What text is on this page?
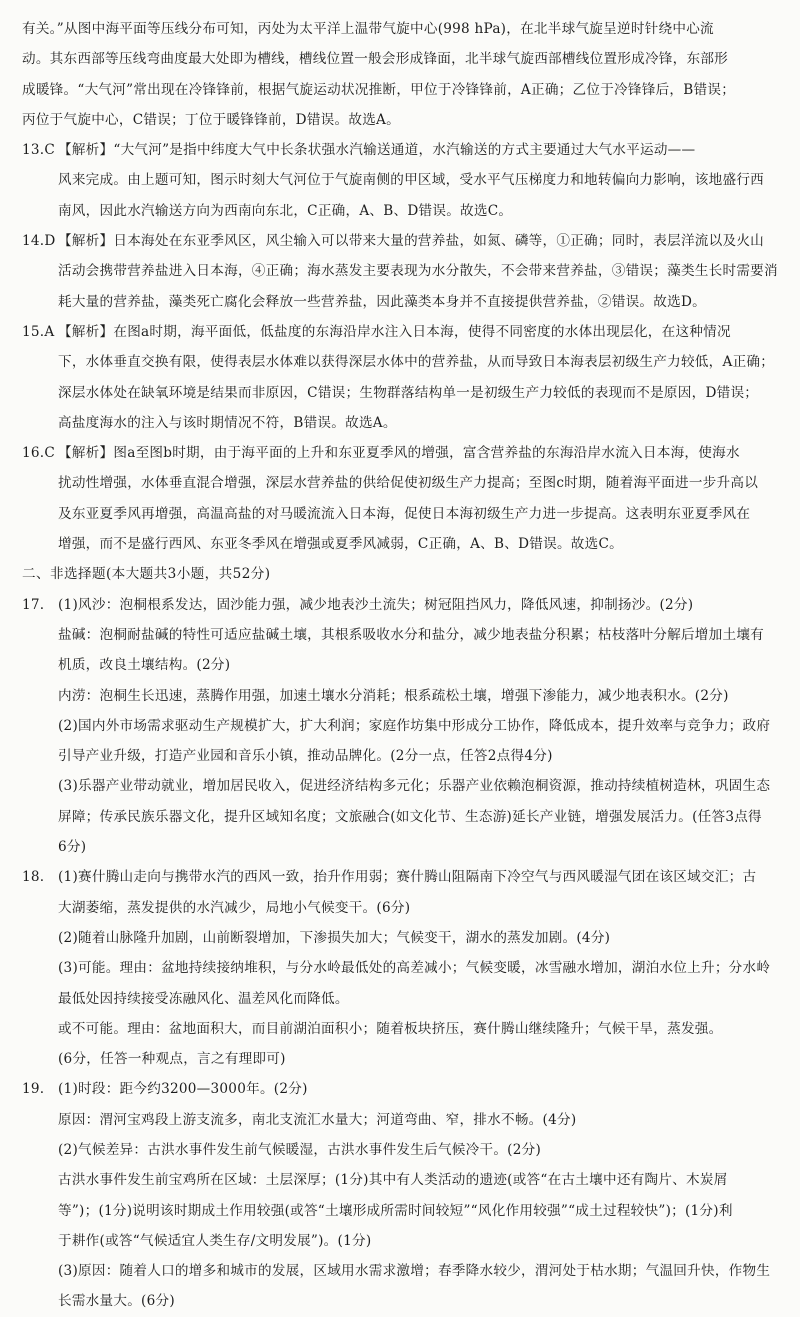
有关。”从图中海平面等压线分布可知，丙处为太平洋上温带气旋中心(998 hPa)，在北半球气旋呈逆时针绕中心流

动。其东西部等压线弯曲度最大处即为槽线，槽线位置一般会形成锋面，北半球气旋西部槽线位置形成冷锋，东部形

成暖锋。“大气河”常出现在冷锋锋前，根据气旋运动状况推断，甲位于冷锋锋前，A正确；乙位于冷锋锋后，B错误；

丙位于气旋中心，C错误；丁位于暖锋锋前，D错误。故选A。

13.C 【解析】“大气河”是指中纬度大气中长条状强水汽输送通道，水汽输送的方式主要通过大气水平运动——

风来完成。由上题可知，图示时刻大气河位于气旋南侧的甲区域，受水平气压梯度力和地转偏向力影响，该地盛行西

南风，因此水汽输送方向为西南向东北，C正确，A、B、D错误。故选C。

14.D 【解析】日本海处在东亚季风区，风尘输入可以带来大量的营养盐，如氮、磷等，①正确；同时，表层洋流以及火山

活动会携带营养盐进入日本海，④正确；海水蒸发主要表现为水分散失，不会带来营养盐，③错误；藻类生长时需要消

耗大量的营养盐，藻类死亡腐化会释放一些营养盐，因此藻类本身并不直接提供营养盐，②错误。故选D。

15.A 【解析】在图a时期，海平面低，低盐度的东海沿岸水注入日本海，使得不同密度的水体出现层化，在这种情况

下，水体垂直交换有限，使得表层水体难以获得深层水体中的营养盐，从而导致日本海表层初级生产力较低，A正确；

深层水体处在缺氧环境是结果而非原因，C错误；生物群落结构单一是初级生产力较低的表现而不是原因，D错误；

高盐度海水的注入与该时期情况不符，B错误。故选A。

16.C 【解析】图a至图b时期，由于海平面的上升和东亚夏季风的增强，富含营养盐的东海沿岸水流入日本海，使海水

扰动性增强，水体垂直混合增强，深层水营养盐的供给促使初级生产力提高；至图c时期，随着海平面进一步升高以

及东亚夏季风再增强，高温高盐的对马暖流流入日本海，促使日本海初级生产力进一步提高。这表明东亚夏季风在

增强，而不是盛行西风、东亚冬季风在增强或夏季风减弱，C正确，A、B、D错误。故选C。

二、非选择题(本大题共3小题，共52分)

17. (1)风沙：泡桐根系发达，固沙能力强，减少地表沙土流失；树冠阻挡风力，降低风速，抑制扬沙。(2分)

盐碱：泡桐耐盐碱的特性可适应盐碱土壤，其根系吸收水分和盐分，减少地表盐分积累；枯枝落叶分解后增加土壤有

机质，改良土壤结构。(2分)

内涝：泡桐生长迅速，蒸腾作用强，加速土壤水分消耗；根系疏松土壤，增强下渗能力，减少地表积水。(2分)

(2)国内外市场需求驱动生产规模扩大，扩大利润；家庭作坊集中形成分工协作，降低成本，提升效率与竞争力；政府

引导产业升级，打造产业园和音乐小镇，推动品牌化。(2分一点，任答2点得4分)

(3)乐器产业带动就业，增加居民收入，促进经济结构多元化；乐器产业依赖泡桐资源，推动持续植树造林，巩固生态

屏障；传承民族乐器文化，提升区域知名度；文旅融合(如文化节、生态游)延长产业链，增强发展活力。(任答3点得

6分)

18. (1)赛什腾山走向与携带水汽的西风一致，抬升作用弱；赛什腾山阻隔南下冷空气与西风暖湿气团在该区域交汇；古

大湖萎缩，蒸发提供的水汽减少，局地小气候变干。(6分)

(2)随着山脉隆升加剧，山前断裂增加，下渗损失加大；气候变干，湖水的蒸发加剧。(4分)

(3)可能。理由：盆地持续接纳堆积，与分水岭最低处的高差减小；气候变暖，冰雪融水增加，湖泊水位上升；分水岭

最低处因持续接受冻融风化、温差风化而降低。

或不可能。理由：盆地面积大，而目前湖泊面积小；随着板块挤压，赛什腾山继续隆升；气候干旱，蒸发强。

(6分，任答一种观点，言之有理即可)

19. (1)时段：距今约3200—3000年。(2分)

原因：渭河宝鸡段上游支流多，南北支流汇水量大；河道弯曲、窄，排水不畅。(4分)

(2)气候差异：古洪水事件发生前气候暖湿，古洪水事件发生后气候冷干。(2分)

古洪水事件发生前宝鸡所在区域：土层深厚；(1分)其中有人类活动的遗迹(或答“在古土壤中还有陶片、木炭屑

等”)；(1分)说明该时期成土作用较强(或答“土壤形成所需时间较短”“风化作用较强”“成土过程较快”)；(1分)利

于耕作(或答“气候适宜人类生存/文明发展”)。(1分)

(3)原因：随着人口的增多和城市的发展，区域用水需求激增；春季降水较少，渭河处于枯水期；气温回升快，作物生

长需水量大。(6分)
